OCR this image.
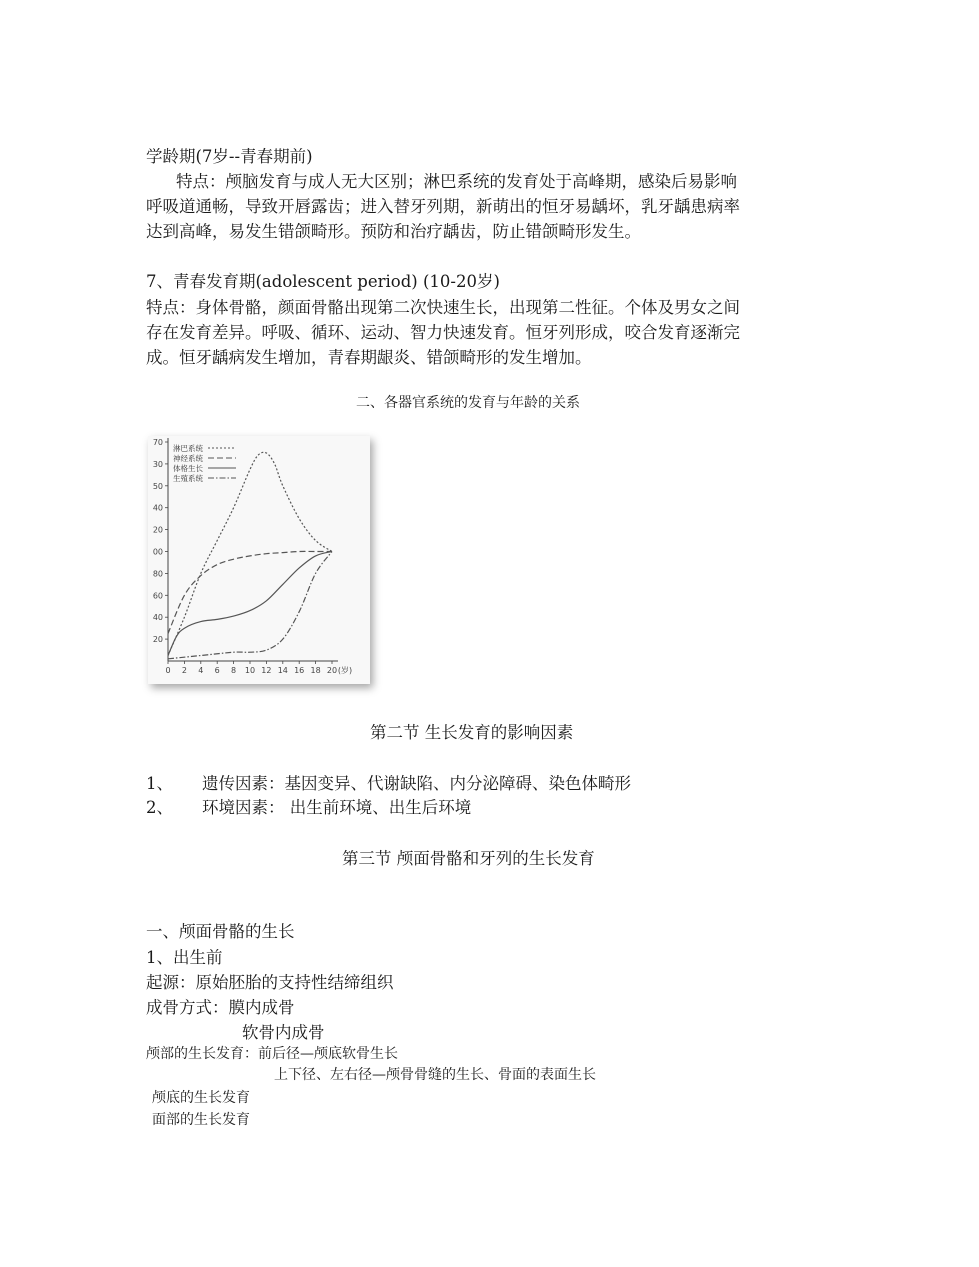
学龄期(7岁--青春期前)
特点：颅脑发育与成人无大区别；淋巴系统的发育处于高峰期，感染后易影响
呼吸道通畅，导致开唇露齿；进入替牙列期，新萌出的恒牙易龋坏，乳牙龋患病率
达到高峰，易发生错颌畸形。预防和治疗龋齿，防止错颌畸形发生。
7、青春发育期(adolescent period) (10-20岁)
特点：身体骨骼，颜面骨骼出现第二次快速生长，出现第二性征。个体及男女之间
存在发育差异。呼吸、循环、运动、智力快速发育。恒牙列形成，咬合发育逐渐完
成。恒牙龋病发生增加，青春期龈炎、错颌畸形的发生增加。
二、各器官系统的发育与年龄的关系
0 2 4 6 8 10 12 14 16 18 20 (岁)
20
40
60
80
00
20
40
50
30
70
淋巴系统
神经系统
体格生长
生殖系统
第二节 生长发育的影响因素
1、 遗传因素：基因变异、代谢缺陷、内分泌障碍、染色体畸形
2、 环境因素： 出生前环境、出生后环境
第三节 颅面骨骼和牙列的生长发育
一、颅面骨骼的生长
1、出生前
起源：原始胚胎的支持性结缔组织
成骨方式：膜内成骨
软骨内成骨
颅部的生长发育：前后径—颅底软骨生长
上下径、左右径—颅骨骨缝的生长、骨面的表面生长
颅底的生长发育
面部的生长发育
